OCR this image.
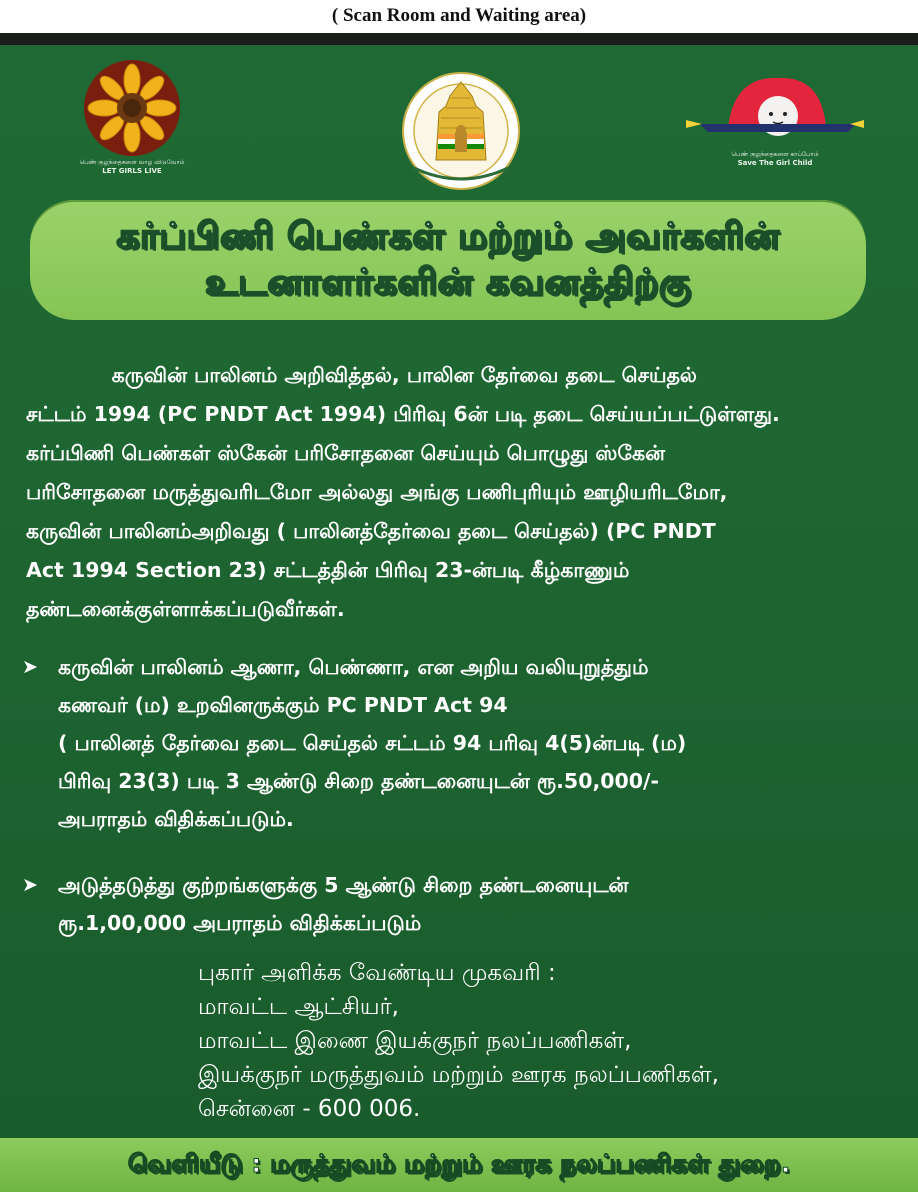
( Scan Room and Waiting area)
பெண் குழந்தைகளை வாழ விடுவோம்
LET GIRLS LIVE
பெண் குழந்தைகளை காப்போம்
Save The Girl Child
கர்ப்பிணி பெண்கள் மற்றும் அவர்களின்
உடனாளர்களின் கவனத்திற்கு
கருவின் பாலினம் அறிவித்தல், பாலின தேர்வை தடை செய்தல்
சட்டம் 1994 (PC PNDT Act 1994) பிரிவு 6ன் படி தடை செய்யப்பட்டுள்ளது.
கர்ப்பிணி பெண்கள் ஸ்கேன் பரிசோதனை செய்யும் பொழுது ஸ்கேன்
பரிசோதனை மருத்துவரிடமோ அல்லது அங்கு பணிபுரியும் ஊழியரிடமோ,
கருவின் பாலினம்அறிவது ( பாலினத்தேர்வை தடை செய்தல்) (PC PNDT
Act 1994 Section 23) சட்டத்தின் பிரிவு 23-ன்படி கீழ்காணும்
தண்டனைக்குள்ளாக்கப்படுவீர்கள்.
➤ கருவின் பாலினம் ஆணா, பெண்ணா, என அறிய வலியுறுத்தும்
கணவர் (ம) உறவினருக்கும் PC PNDT Act 94
( பாலினத் தேர்வை தடை செய்தல் சட்டம் 94 பரிவு 4(5)ன்படி (ம)
பிரிவு 23(3) படி 3 ஆண்டு சிறை தண்டனையுடன் ரூ.50,000/-
அபராதம் விதிக்கப்படும்.
➤ அடுத்தடுத்து குற்றங்களுக்கு 5 ஆண்டு சிறை தண்டனையுடன்
ரூ.1,00,000 அபராதம் விதிக்கப்படும்
புகார் அளிக்க வேண்டிய முகவரி :
மாவட்ட ஆட்சியர்,
மாவட்ட இணை இயக்குநர் நலப்பணிகள்,
இயக்குநர் மருத்துவம் மற்றும் ஊரக நலப்பணிகள்,
சென்னை - 600 006.
வெளியீடு : மருத்துவம் மற்றும் ஊரக நலப்பணிகள் துறை.
